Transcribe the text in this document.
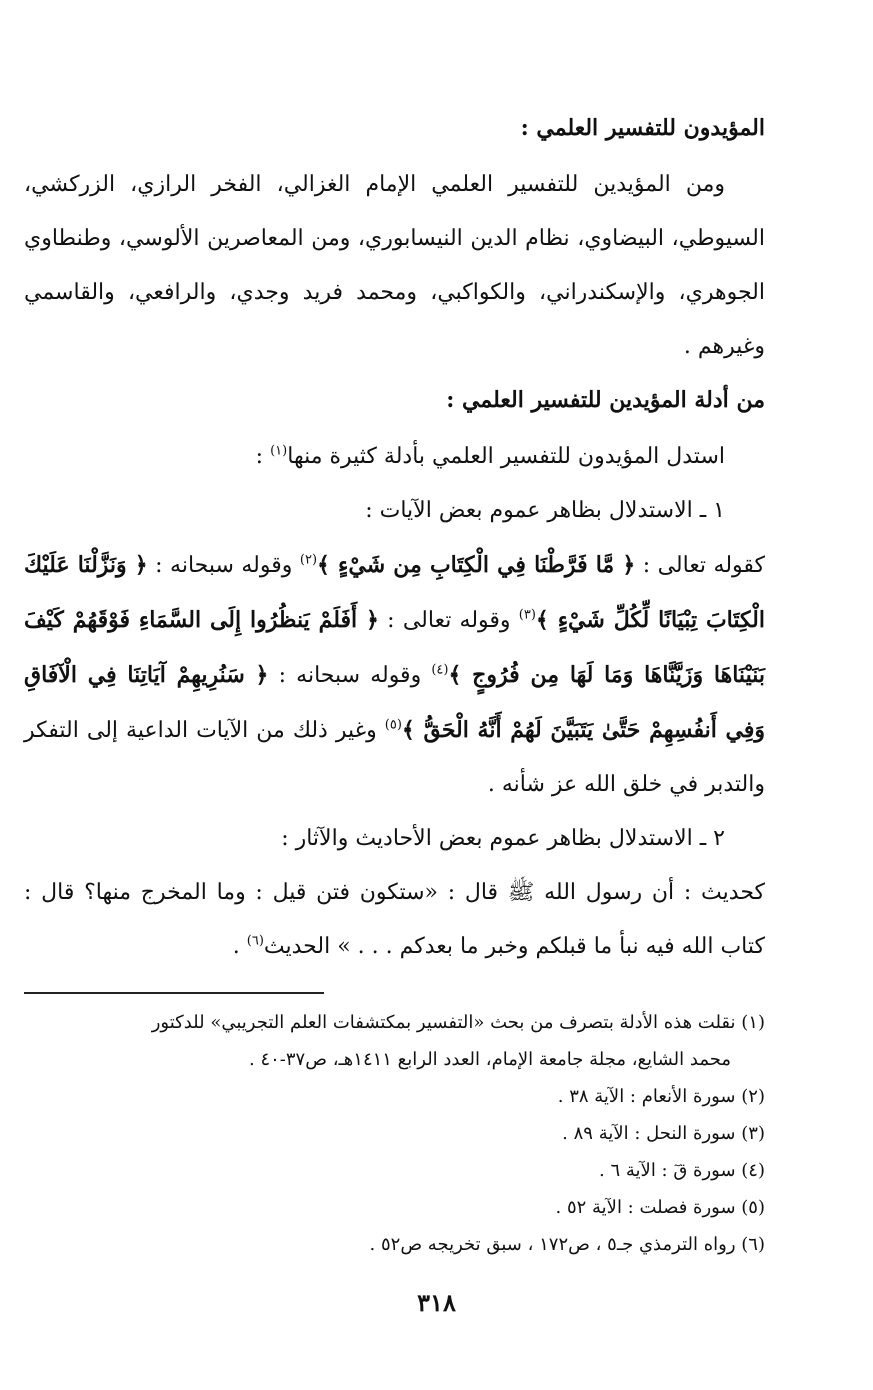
المؤيدون للتفسير العلمي :

ومن المؤيدين للتفسير العلمي الإمام الغزالي، الفخر الرازي، الزركشي، السيوطي، البيضاوي، نظام الدين النيسابوري، ومن المعاصرين الألوسي، وطنطاوي الجوهري، والإسكندراني، والكواكبي، ومحمد فريد وجدي، والرافعي، والقاسمي وغيرهم .

من أدلة المؤيدين للتفسير العلمي :

استدل المؤيدون للتفسير العلمي بأدلة كثيرة منها$^{(١)}$ :

١ ـ الاستدلال بظاهر عموم بعض الآيات :

كقوله تعالى : ﴿ مَّا فَرَّطْنَا فِي الْكِتَابِ مِن شَيْءٍ ﴾$^{(٢)}$ وقوله سبحانه : ﴿ وَنَزَّلْنَا عَلَيْكَ الْكِتَابَ تِبْيَانًا لِّكُلِّ شَيْءٍ ﴾$^{(٣)}$ وقوله تعالى : ﴿ أَفَلَمْ يَنظُرُوا إِلَى السَّمَاءِ فَوْقَهُمْ كَيْفَ بَنَيْنَاهَا وَزَيَّنَّاهَا وَمَا لَهَا مِن فُرُوجٍ ﴾$^{(٤)}$ وقوله سبحانه : ﴿ سَنُرِيهِمْ آيَاتِنَا فِي الْآفَاقِ وَفِي أَنفُسِهِمْ حَتَّىٰ يَتَبَيَّنَ لَهُمْ أَنَّهُ الْحَقُّ ﴾$^{(٥)}$ وغير ذلك من الآيات الداعية إلى التفكر والتدبر في خلق الله عز شأنه .

٢ ـ الاستدلال بظاهر عموم بعض الأحاديث والآثار :

كحديث : أن رسول الله ﷺ قال : «ستكون فتن قيل : وما المخرج منها؟ قال : كتاب الله فيه نبأ ما قبلكم وخبر ما بعدكم . . . » الحديث$^{(٦)}$ .

(١) نقلت هذه الأدلة بتصرف من بحث «التفسير بمكتشفات العلم التجريبي» للدكتور
محمد الشايع، مجلة جامعة الإمام، العدد الرابع ١٤١١هـ، ص٣٧-٤٠ .
(٢) سورة الأنعام : الآية ٣٨ .
(٣) سورة النحل : الآية ٨٩ .
(٤) سورة قٓ : الآية ٦ .
(٥) سورة فصلت : الآية ٥٢ .
(٦) رواه الترمذي جـ٥ ، ص١٧٢ ، سبق تخريجه ص٥٢ .
٣١٨
